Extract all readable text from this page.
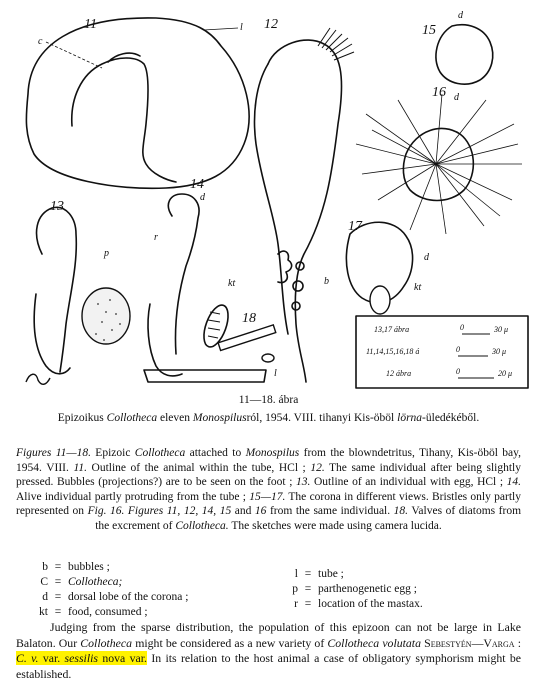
11	12
13
14
15
16
17
18
c
l
d
d
d
kt
d
r
kt
p
b
l
13,17 ábra	0	30 μ
11,14,15,16,18 á	0	30 μ
12 ábra	0	20 μ
11—18. ábra
Epizoikus Collotheca eleven Monospilusról, 1954. VIII. tihanyi Kis-öböl lörna-üledékéből.
Figures 11—18. Epizoic Collotheca attached to Monospilus from the blowndetritus, Tihany, Kis-öböl bay, 1954. VIII. 11. Outline of the animal within the tube, HCl ; 12. The same individual after being slightly pressed. Bubbles (projections?) are to be seen on the foot ; 13. Outline of an individual with egg, HCl ; 14. Alive individual partly protruding from the tube ; 15—17. The corona in different views. Bristles only partly represented on Fig. 16. Figures 11, 12, 14, 15 and 16 from the same individual. 18. Valves of diatoms from the excrement of Collotheca. The sketches were made using camera lucida.
b = bubbles ;
C = Collotheca;
d = dorsal lobe of the corona ;
kt = food, consumed ;
l = tube ;
p = parthenogenetic egg ;
r = location of the mastax.
Judging from the sparse distribution, the population of this epizoon can not be large in Lake Balaton. Our Collotheca might be considered as a new variety of Collotheca volutata Sebestyén—Varga : C. v. var. sessilis nova var. In its relation to the host animal a case of obligatory symphorism might be established.
